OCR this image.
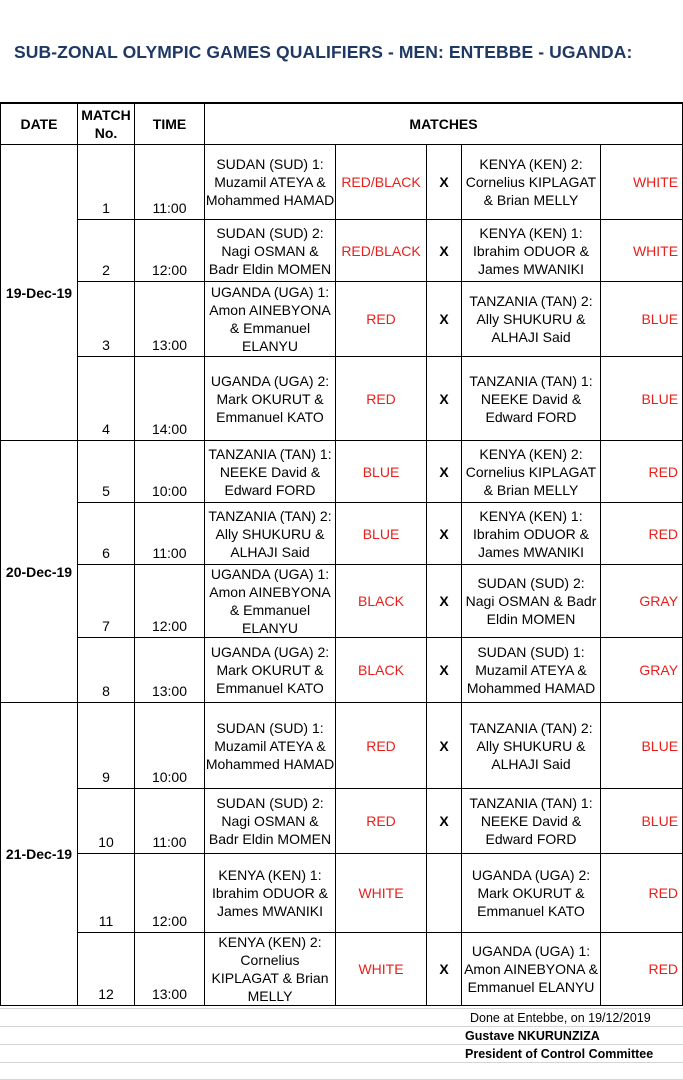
SUB-ZONAL OLYMPIC GAMES QUALIFIERS - MEN: ENTEBBE - UGANDA:
DATE	MATCH No.	TIME	MATCHES				
19-Dec-19	1	11:00	SUDAN (SUD) 1: Muzamil ATEYA & Mohammed HAMAD	RED/BLACK	X	KENYA (KEN) 2: Cornelius KIPLAGAT & Brian MELLY	WHITE
	2	12:00	SUDAN (SUD) 2: Nagi OSMAN & Badr Eldin MOMEN	RED/BLACK	X	KENYA (KEN) 1: Ibrahim ODUOR & James MWANIKI	WHITE
	3	13:00	UGANDA (UGA) 1: Amon AINEBYONA & Emmanuel ELANYU	RED	X	TANZANIA (TAN) 2: Ally SHUKURU & ALHAJI Said	BLUE
	4	14:00	UGANDA (UGA) 2: Mark OKURUT & Emmanuel KATO	RED	X	TANZANIA (TAN) 1: NEEKE David & Edward FORD	BLUE
20-Dec-19	5	10:00	TANZANIA (TAN) 1: NEEKE David & Edward FORD	BLUE	X	KENYA (KEN) 2: Cornelius KIPLAGAT & Brian MELLY	RED
	6	11:00	TANZANIA (TAN) 2: Ally SHUKURU & ALHAJI Said	BLUE	X	KENYA (KEN) 1: Ibrahim ODUOR & James MWANIKI	RED
	7	12:00	UGANDA (UGA) 1: Amon AINEBYONA & Emmanuel ELANYU	BLACK	X	SUDAN (SUD) 2: Nagi OSMAN & Badr Eldin MOMEN	GRAY
	8	13:00	UGANDA (UGA) 2: Mark OKURUT & Emmanuel KATO	BLACK	X	SUDAN (SUD) 1: Muzamil ATEYA & Mohammed HAMAD	GRAY
21-Dec-19	9	10:00	SUDAN (SUD) 1: Muzamil ATEYA & Mohammed HAMAD	RED	X	TANZANIA (TAN) 2: Ally SHUKURU & ALHAJI Said	BLUE
	10	11:00	SUDAN (SUD) 2: Nagi OSMAN & Badr Eldin MOMEN	RED	X	TANZANIA (TAN) 1: NEEKE David & Edward FORD	BLUE
	11	12:00	KENYA (KEN) 1: Ibrahim ODUOR & James MWANIKI	WHITE		UGANDA (UGA) 2: Mark OKURUT & Emmanuel KATO	RED
	12	13:00	KENYA (KEN) 2: Cornelius KIPLAGAT & Brian MELLY	WHITE	X	UGANDA (UGA) 1: Amon AINEBYONA & Emmanuel ELANYU	RED
Done at Entebbe, on 19/12/2019
Gustave NKURUNZIZA
President of Control Committee
